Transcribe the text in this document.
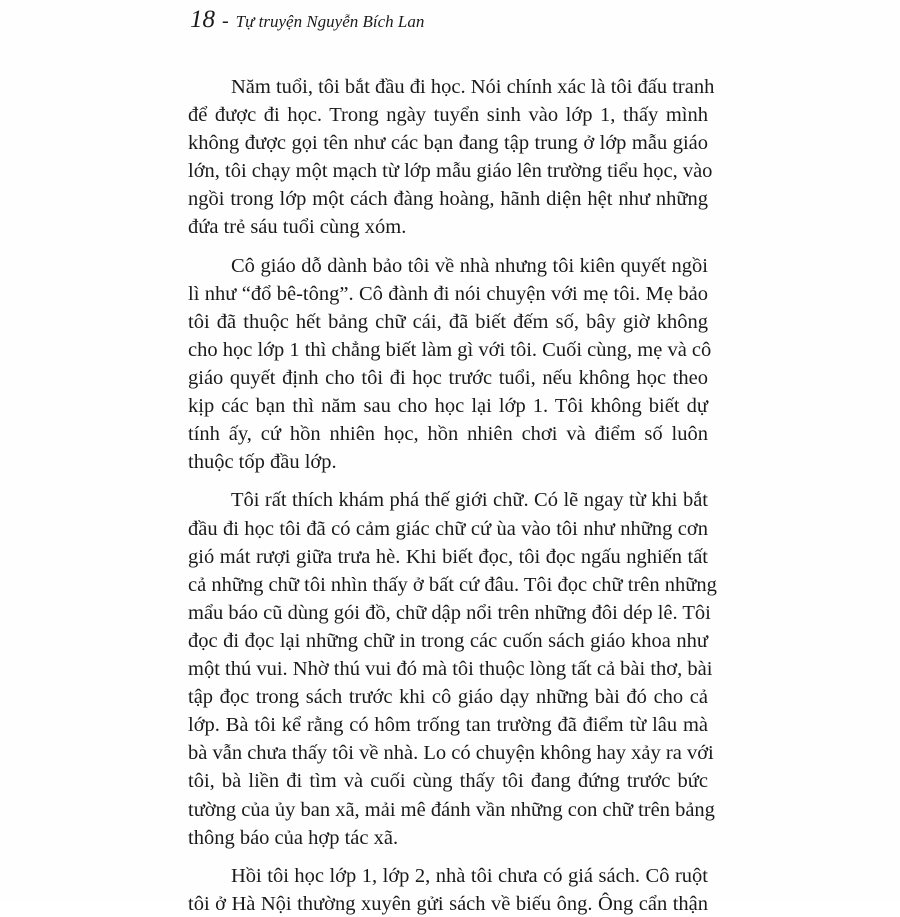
18 - Tự truyện Nguyễn Bích Lan
Năm tuổi, tôi bắt đầu đi học. Nói chính xác là tôi đấu tranh
để được đi học. Trong ngày tuyển sinh vào lớp 1, thấy mình
không được gọi tên như các bạn đang tập trung ở lớp mẫu giáo
lớn, tôi chạy một mạch từ lớp mẫu giáo lên trường tiểu học, vào
ngồi trong lớp một cách đàng hoàng, hãnh diện hệt như những
đứa trẻ sáu tuổi cùng xóm.
Cô giáo dỗ dành bảo tôi về nhà nhưng tôi kiên quyết ngồi
lì như “đổ bê-tông”. Cô đành đi nói chuyện với mẹ tôi. Mẹ bảo
tôi đã thuộc hết bảng chữ cái, đã biết đếm số, bây giờ không
cho học lớp 1 thì chẳng biết làm gì với tôi. Cuối cùng, mẹ và cô
giáo quyết định cho tôi đi học trước tuổi, nếu không học theo
kịp các bạn thì năm sau cho học lại lớp 1. Tôi không biết dự
tính ấy, cứ hồn nhiên học, hồn nhiên chơi và điểm số luôn
thuộc tốp đầu lớp.
Tôi rất thích khám phá thế giới chữ. Có lẽ ngay từ khi bắt
đầu đi học tôi đã có cảm giác chữ cứ ùa vào tôi như những cơn
gió mát rượi giữa trưa hè. Khi biết đọc, tôi đọc ngấu nghiến tất
cả những chữ tôi nhìn thấy ở bất cứ đâu. Tôi đọc chữ trên những
mẩu báo cũ dùng gói đồ, chữ dập nổi trên những đôi dép lê. Tôi
đọc đi đọc lại những chữ in trong các cuốn sách giáo khoa như
một thú vui. Nhờ thú vui đó mà tôi thuộc lòng tất cả bài thơ, bài
tập đọc trong sách trước khi cô giáo dạy những bài đó cho cả
lớp. Bà tôi kể rằng có hôm trống tan trường đã điểm từ lâu mà
bà vẫn chưa thấy tôi về nhà. Lo có chuyện không hay xảy ra với
tôi, bà liền đi tìm và cuối cùng thấy tôi đang đứng trước bức
tường của ủy ban xã, mải mê đánh vần những con chữ trên bảng
thông báo của hợp tác xã.
Hồi tôi học lớp 1, lớp 2, nhà tôi chưa có giá sách. Cô ruột
tôi ở Hà Nội thường xuyên gửi sách về biếu ông. Ông cẩn thận
